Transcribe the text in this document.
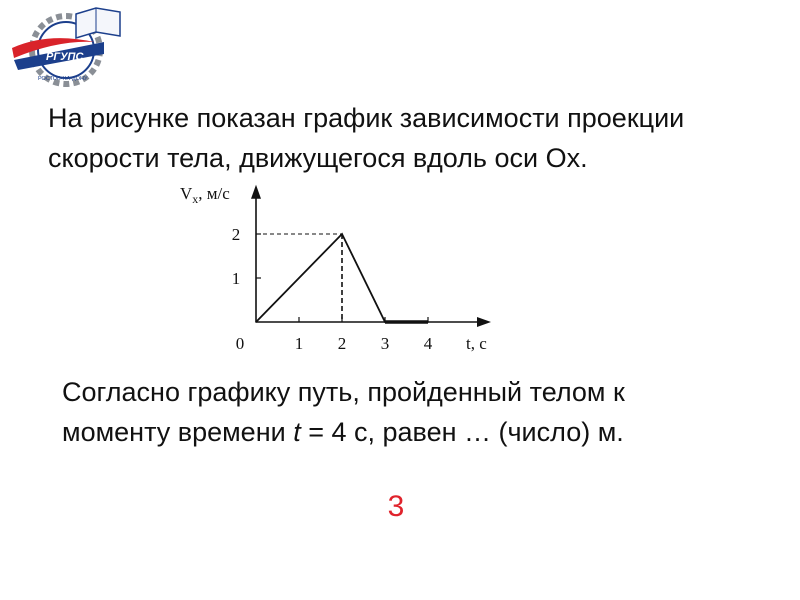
РГУПС
РОСТОВ-НА-ДОНУ
На рисунке показан график зависимости проекции
скорости тела, движущегося вдоль оси Ox.
0	1 2 3 4
1
2
t, c
$V_x$, м/с
Согласно графику путь, пройденный телом к
моменту времени t = 4 с, равен … (число) м.
3
